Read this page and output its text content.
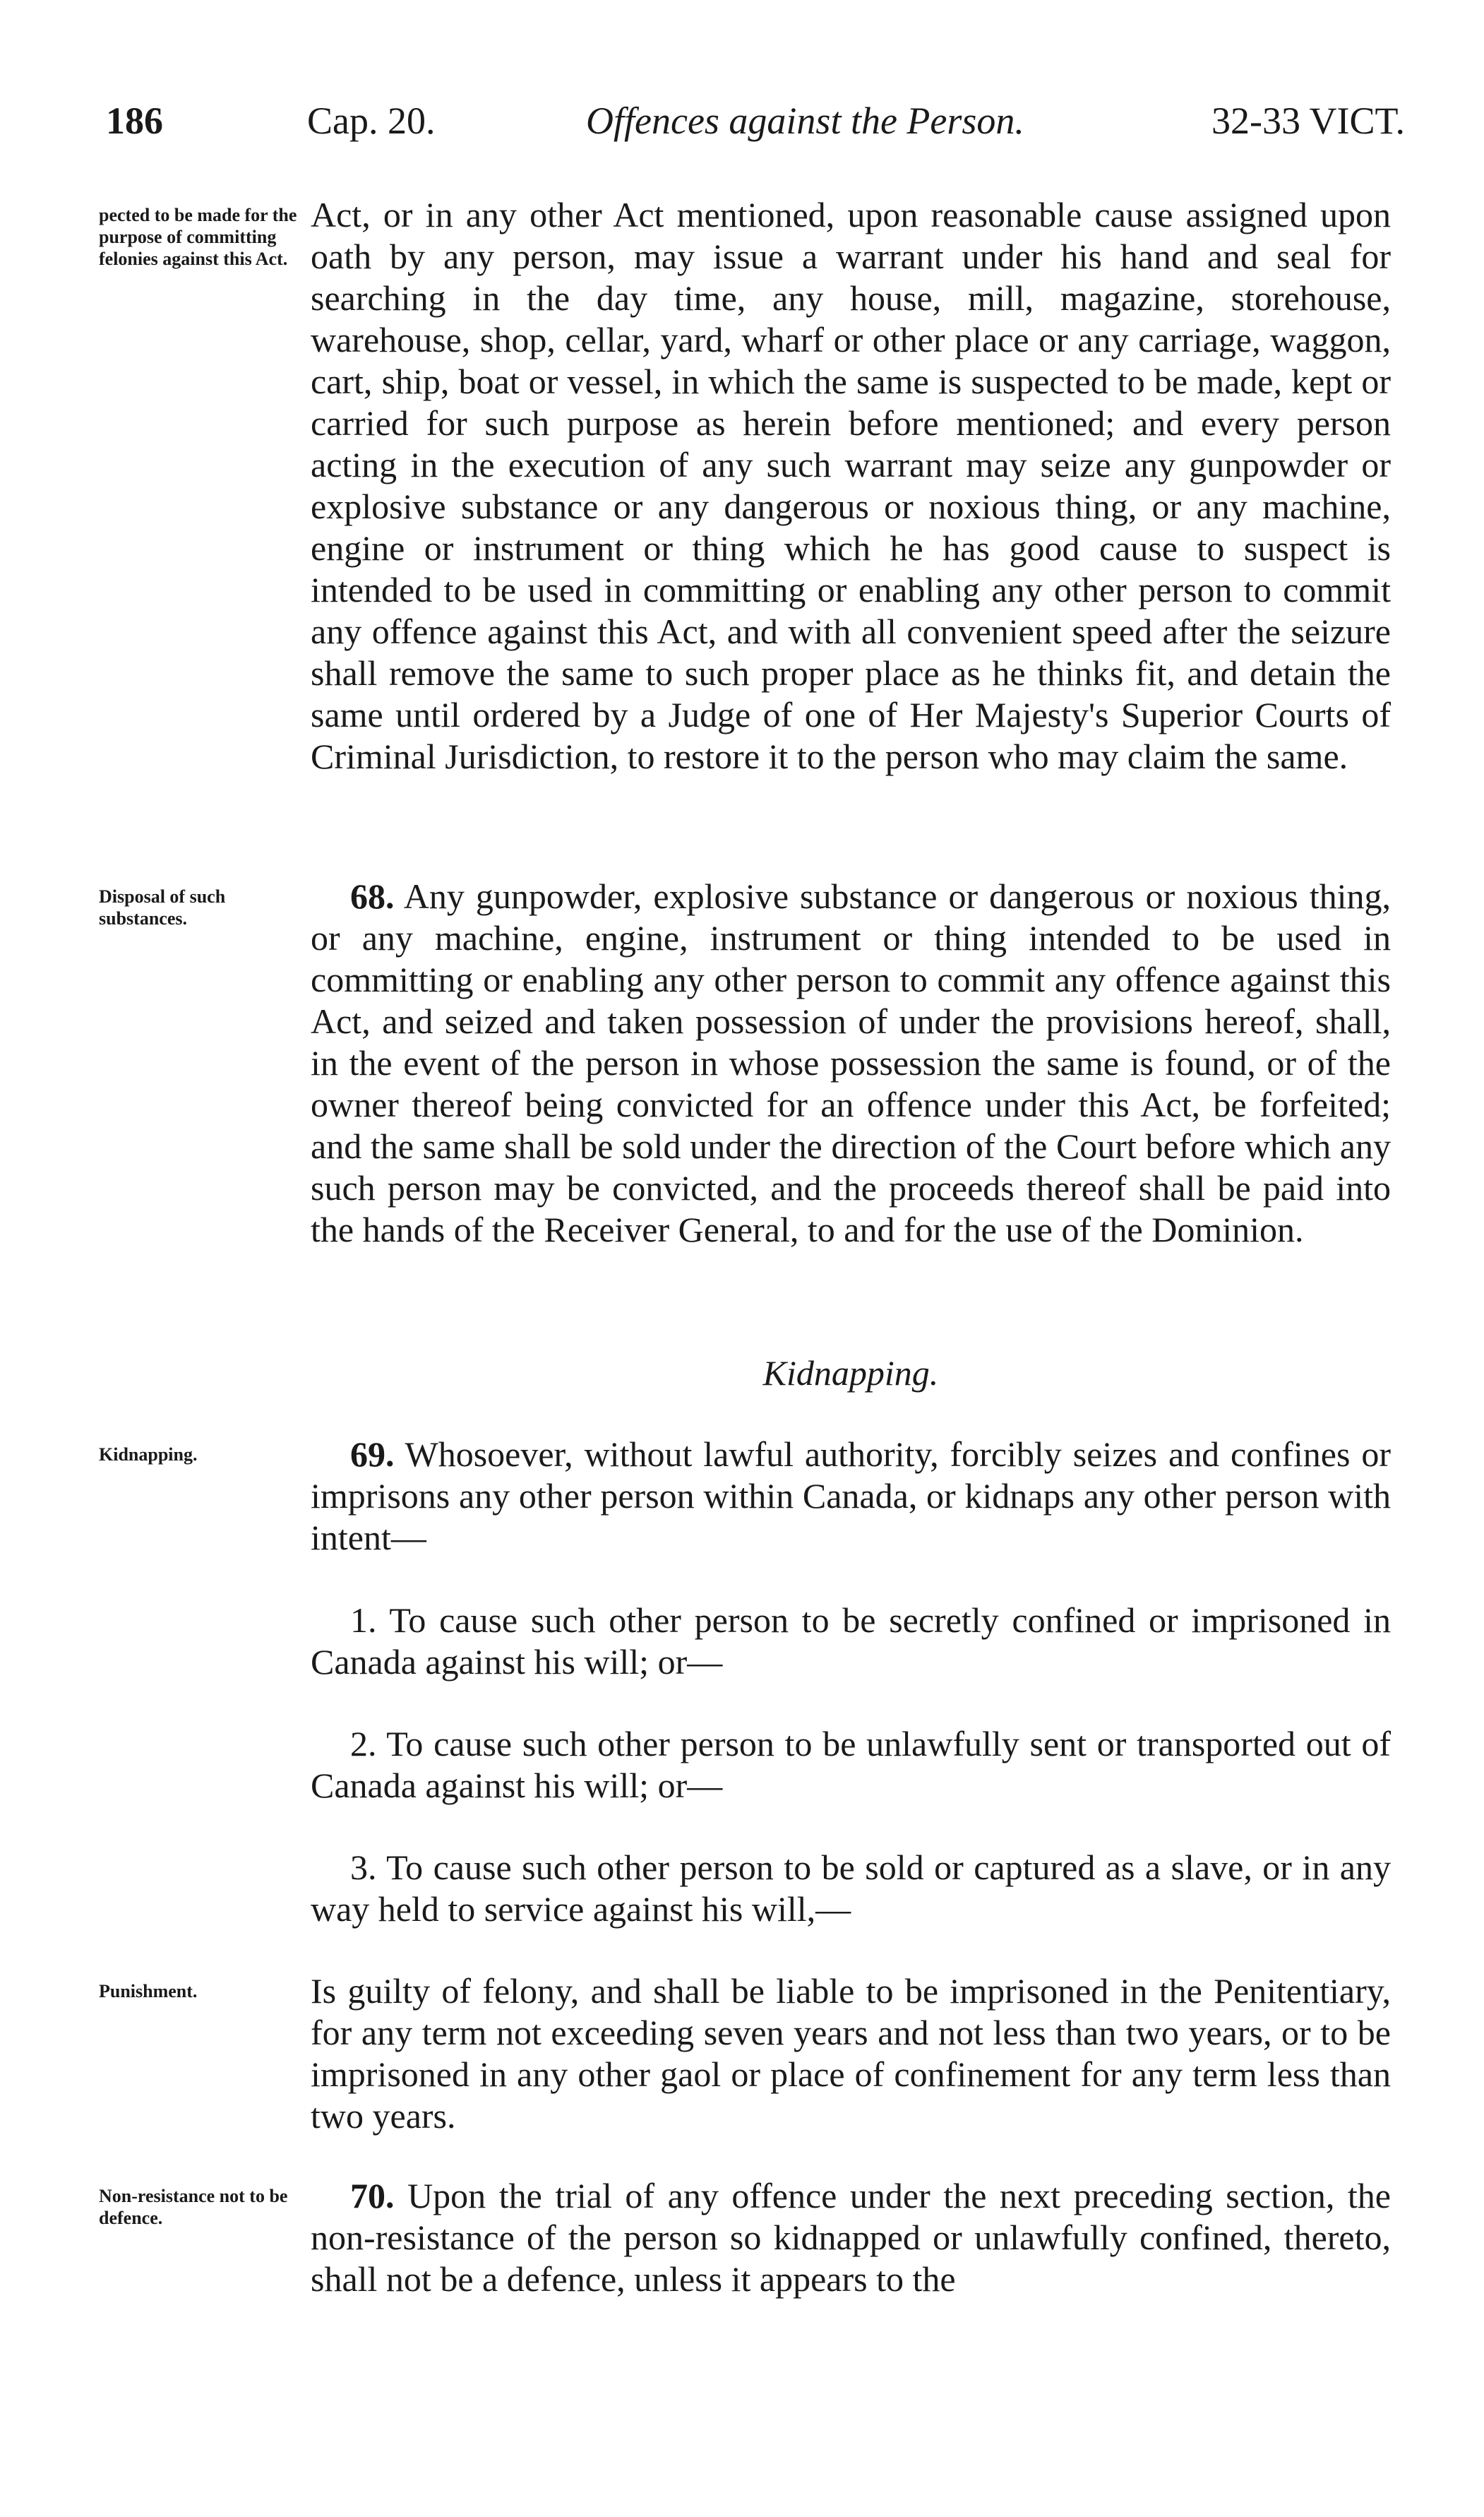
186	Cap. 20.	Offences against the Person.	32-33 VICT.
pected to be made for the purpose of committing felonies against this Act.

Act, or in any other Act mentioned, upon reasonable cause assigned upon oath by any person, may issue a warrant under his hand and seal for searching in the day time, any house, mill, magazine, storehouse, warehouse, shop, cellar, yard, wharf or other place or any carriage, waggon, cart, ship, boat or vessel, in which the same is suspected to be made, kept or carried for such purpose as herein before mentioned; and every person acting in the execution of any such warrant may seize any gunpowder or explosive substance or any dangerous or noxious thing, or any machine, engine or instrument or thing which he has good cause to suspect is intended to be used in committing or enabling any other person to commit any offence against this Act, and with all convenient speed after the seizure shall remove the same to such proper place as he thinks fit, and detain the same until ordered by a Judge of one of Her Majesty's Superior Courts of Criminal Jurisdiction, to restore it to the person who may claim the same.

Disposal of such substances.

68. Any gunpowder, explosive substance or dangerous or noxious thing, or any machine, engine, instrument or thing intended to be used in committing or enabling any other person to commit any offence against this Act, and seized and taken possession of under the provisions hereof, shall, in the event of the person in whose possession the same is found, or of the owner thereof being convicted for an offence under this Act, be forfeited; and the same shall be sold under the direction of the Court before which any such person may be convicted, and the proceeds thereof shall be paid into the hands of the Receiver General, to and for the use of the Dominion.

Kidnapping.
Kidnapping.	69. Whosoever, without lawful authority, forcibly seizes and confines or imprisons any other person within Canada, or kidnaps any other person with intent—

1. To cause such other person to be secretly confined or imprisoned in Canada against his will; or—

2. To cause such other person to be unlawfully sent or transported out of Canada against his will; or—

3. To cause such other person to be sold or captured as a slave, or in any way held to service against his will,—

Punishment.	Is guilty of felony, and shall be liable to be imprisoned in the Penitentiary, for any term not exceeding seven years and not less than two years, or to be imprisoned in any other gaol or place of confinement for any term less than two years.

Non-resistance not to be defence.

70. Upon the trial of any offence under the next preceding section, the non-resistance of the person so kidnapped or unlawfully confined, thereto, shall not be a defence, unless it appears to the
